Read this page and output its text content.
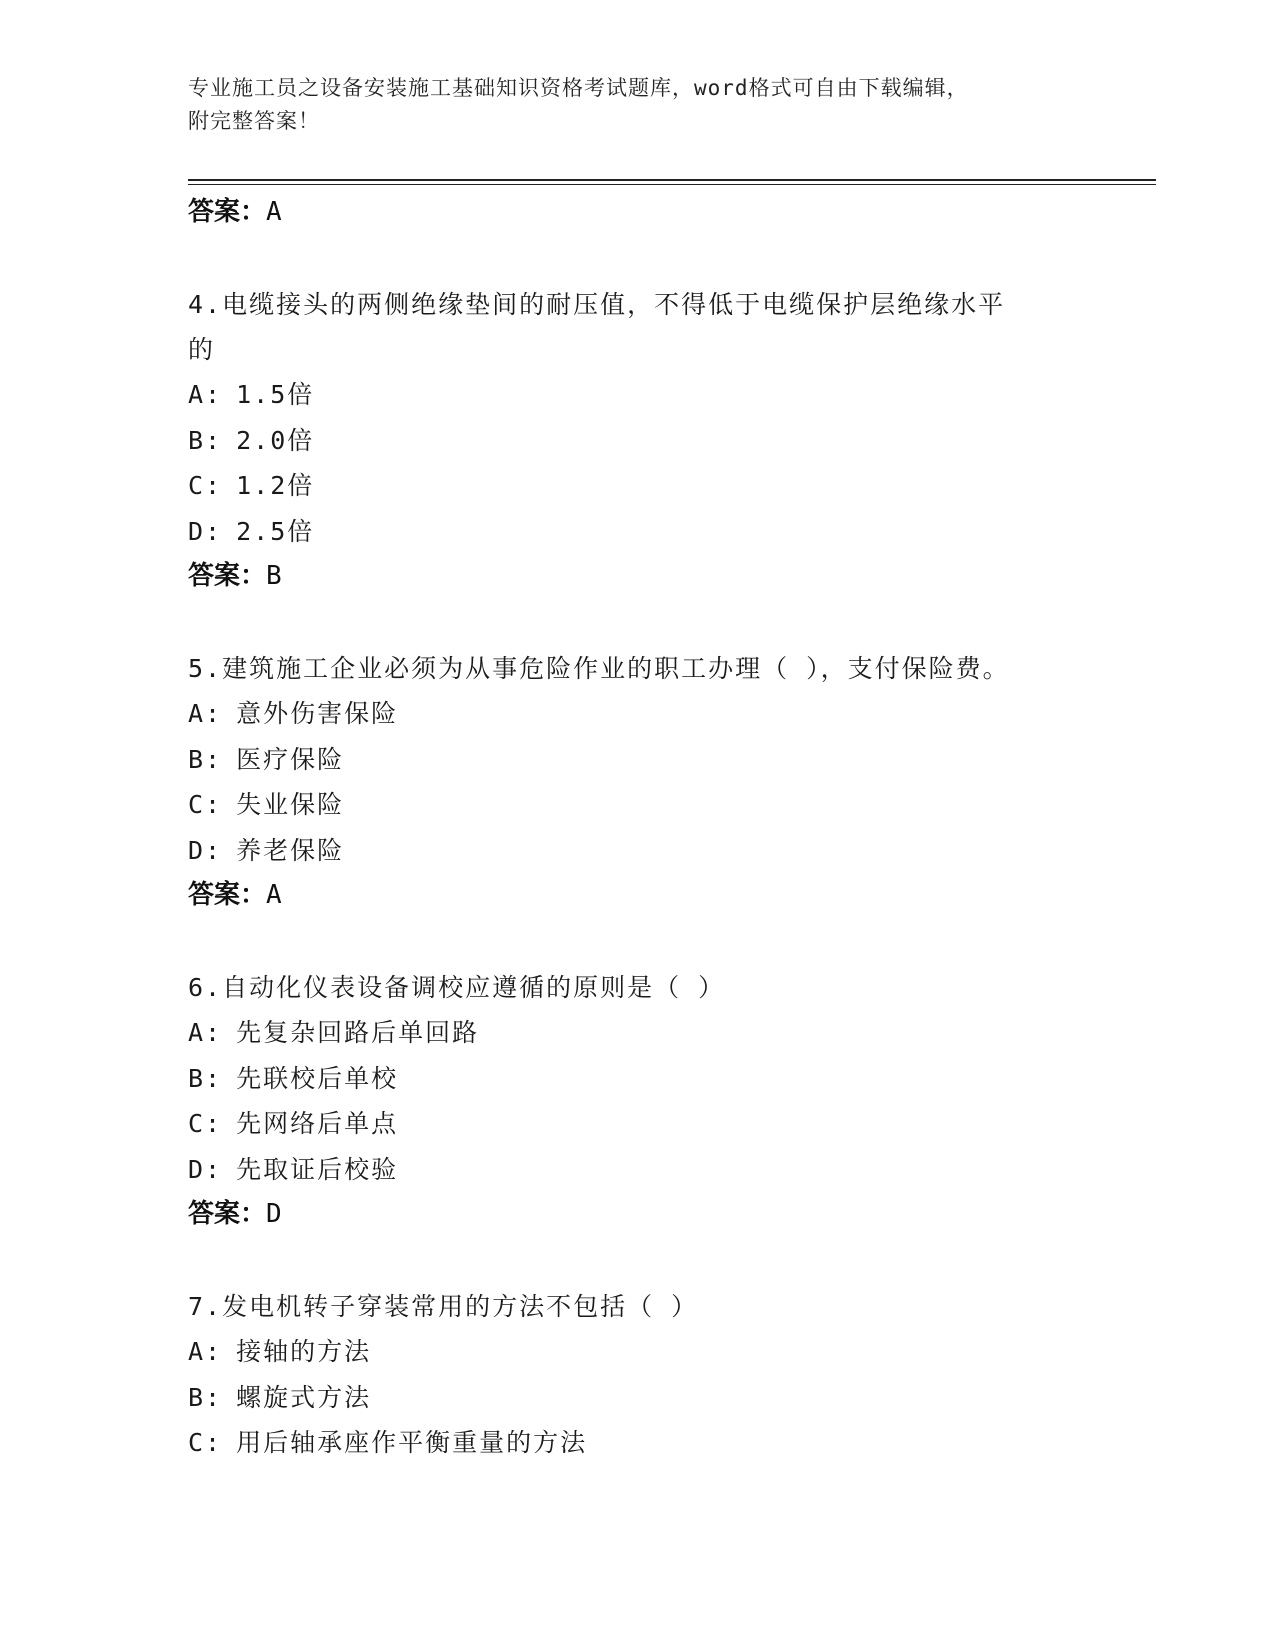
专业施工员之设备安装施工基础知识资格考试题库，word格式可自由下载编辑，
附完整答案！
答案：A
4.电缆接头的两侧绝缘垫间的耐压值，不得低于电缆保护层绝缘水平
的
A: 1.5倍
B: 2.0倍
C: 1.2倍
D: 2.5倍
答案：B
5.建筑施工企业必须为从事危险作业的职工办理（ ），支付保险费。
A: 意外伤害保险
B: 医疗保险
C: 失业保险
D: 养老保险
答案：A
6.自动化仪表设备调校应遵循的原则是（ ）
A: 先复杂回路后单回路
B: 先联校后单校
C: 先网络后单点
D: 先取证后校验
答案：D
7.发电机转子穿装常用的方法不包括（ ）
A: 接轴的方法
B: 螺旋式方法
C: 用后轴承座作平衡重量的方法
